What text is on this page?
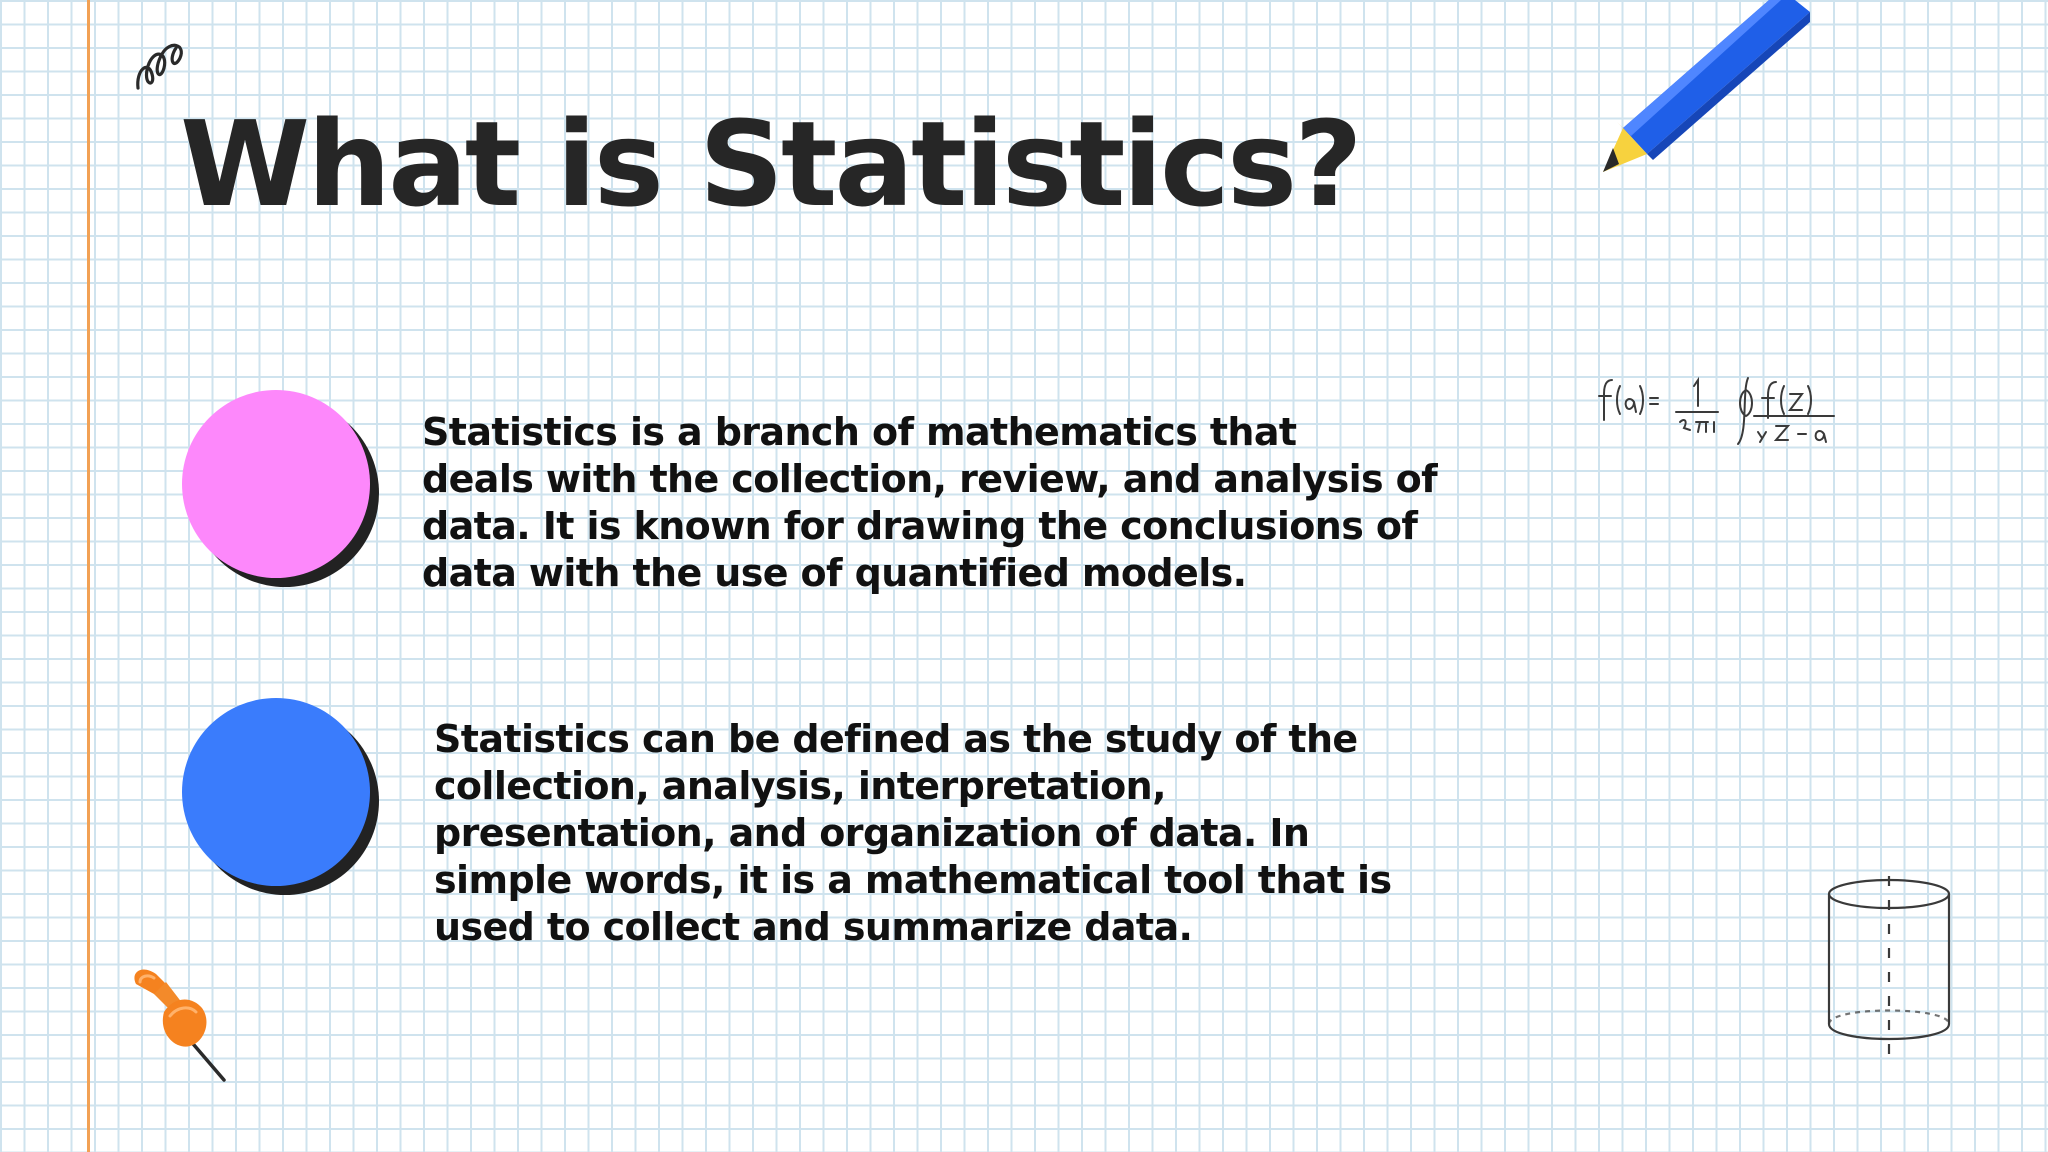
What is Statistics?

Statistics is a branch of mathematics that
deals with the collection, review, and analysis of
data. It is known for drawing the conclusions of
data with the use of quantified models.

Statistics can be defined as the study of the
collection, analysis, interpretation,
presentation, and organization of data. In
simple words, it is a mathematical tool that is
used to collect and summarize data.
